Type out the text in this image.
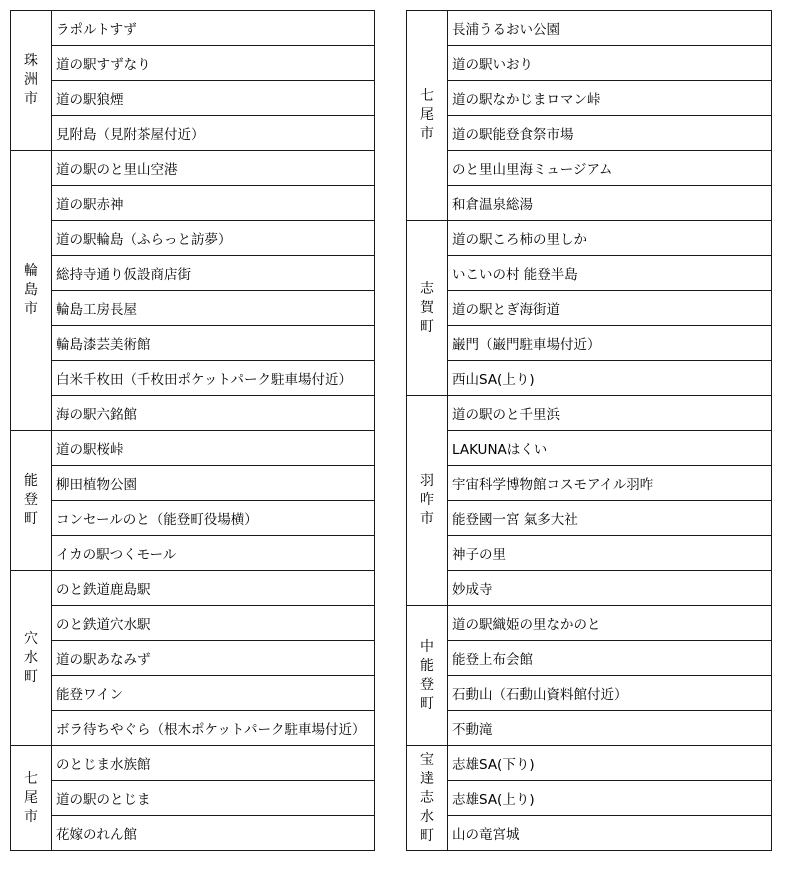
珠
洲
市	ラポルトすず
	道の駅すずなり
	道の駅狼煙
	見附島（見附茶屋付近）

輪
島
市	道の駅のと里山空港
	道の駅赤神
	道の駅輪島（ふらっと訪夢）
	総持寺通り仮設商店街
	輪島工房長屋
	輪島漆芸美術館
	白米千枚田（千枚田ポケットパーク駐車場付近）
	海の駅六銘館

能
登
町	道の駅桜峠
	柳田植物公園
	コンセールのと（能登町役場横）
	イカの駅つくモール

穴
水
町	のと鉄道鹿島駅
	のと鉄道穴水駅
	道の駅あなみず
	能登ワイン
	ボラ待ちやぐら（根木ポケットパーク駐車場付近）

七
尾
市	のとじま水族館
	道の駅のとじま
	花嫁のれん館
七
尾
市	長浦うるおい公園
	道の駅いおり
	道の駅なかじまロマン峠
	道の駅能登食祭市場
	のと里山里海ミュージアム
	和倉温泉総湯

志
賀
町	道の駅ころ柿の里しか
	いこいの村 能登半島
	道の駅とぎ海街道
	巌門（巌門駐車場付近）
	西山SA(上り)

羽
咋
市	道の駅のと千里浜
	LAKUNAはくい
	宇宙科学博物館コスモアイル羽咋
	能登國一宮 氣多大社
	神子の里
	妙成寺

中
能
登
町	道の駅織姫の里なかのと
	能登上布会館
	石動山（石動山資料館付近）
	不動滝

宝
達
志
水
町	志雄SA(下り)
	志雄SA(上り)
	山の竜宮城
